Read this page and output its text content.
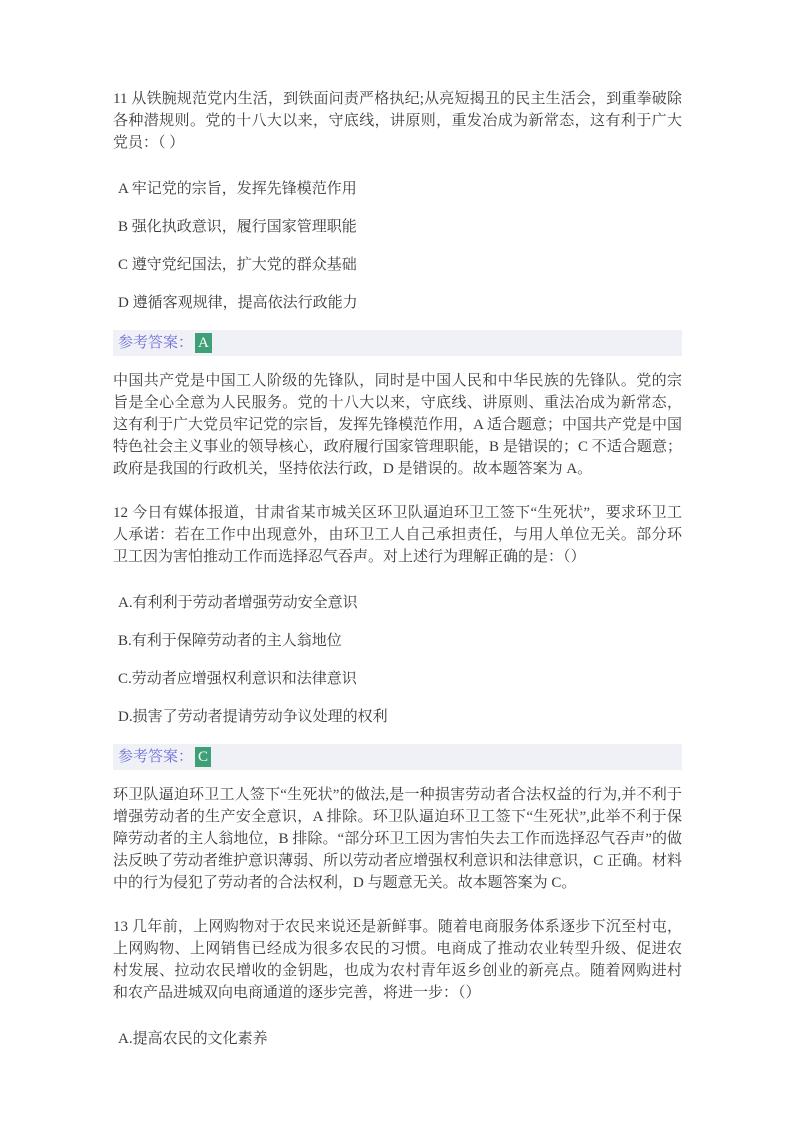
11 从铁腕规范党内生活，到铁面问责严格执纪;从亮短揭丑的民主生活会，到重拳破除各种潜规则。党的十八大以来，守底线，讲原则，重发冶成为新常态，这有利于广大党员：（ ）

A 牢记党的宗旨，发挥先锋模范作用

B 强化执政意识，履行国家管理职能

C 遵守党纪国法，扩大党的群众基础

D 遵循客观规律，提高依法行政能力

参考答案： A

中国共产党是中国工人阶级的先锋队，同时是中国人民和中华民族的先锋队。党的宗旨是全心全意为人民服务。党的十八大以来，守底线、讲原则、重法冶成为新常态，这有利于广大党员牢记党的宗旨，发挥先锋模范作用，A 适合题意；中国共产党是中国特色社会主义事业的领导核心，政府履行国家管理职能，B 是错误的；C 不适合题意；政府是我国的行政机关，坚持依法行政，D 是错误的。故本题答案为 A。

12 今日有媒体报道，甘肃省某市城关区环卫队逼迫环卫工签下“生死状”，要求环卫工人承诺：若在工作中出现意外，由环卫工人自己承担责任，与用人单位无关。部分环卫工因为害怕推动工作而选择忍气吞声。对上述行为理解正确的是：（）

A.有利利于劳动者增强劳动安全意识

B.有利于保障劳动者的主人翁地位

C.劳动者应增强权利意识和法律意识

D.损害了劳动者提请劳动争议处理的权利

参考答案： C

环卫队逼迫环卫工人签下“生死状”的做法,是一种损害劳动者合法权益的行为,并不利于增强劳动者的生产安全意识，A 排除。环卫队逼迫环卫工签下“生死状”,此举不利于保障劳动者的主人翁地位，B 排除。“部分环卫工因为害怕失去工作而选择忍气吞声”的做法反映了劳动者维护意识薄弱、所以劳动者应增强权利意识和法律意识，C 正确。材料中的行为侵犯了劳动者的合法权利，D 与题意无关。故本题答案为 C。

13 几年前，上网购物对于农民来说还是新鲜事。随着电商服务体系逐步下沉至村屯，上网购物、上网销售已经成为很多农民的习惯。电商成了推动农业转型升级、促进农村发展、拉动农民增收的金钥匙，也成为农村青年返乡创业的新亮点。随着网购进村和农产品进城双向电商通道的逐步完善，将进一步：（）

A.提高农民的文化素养
